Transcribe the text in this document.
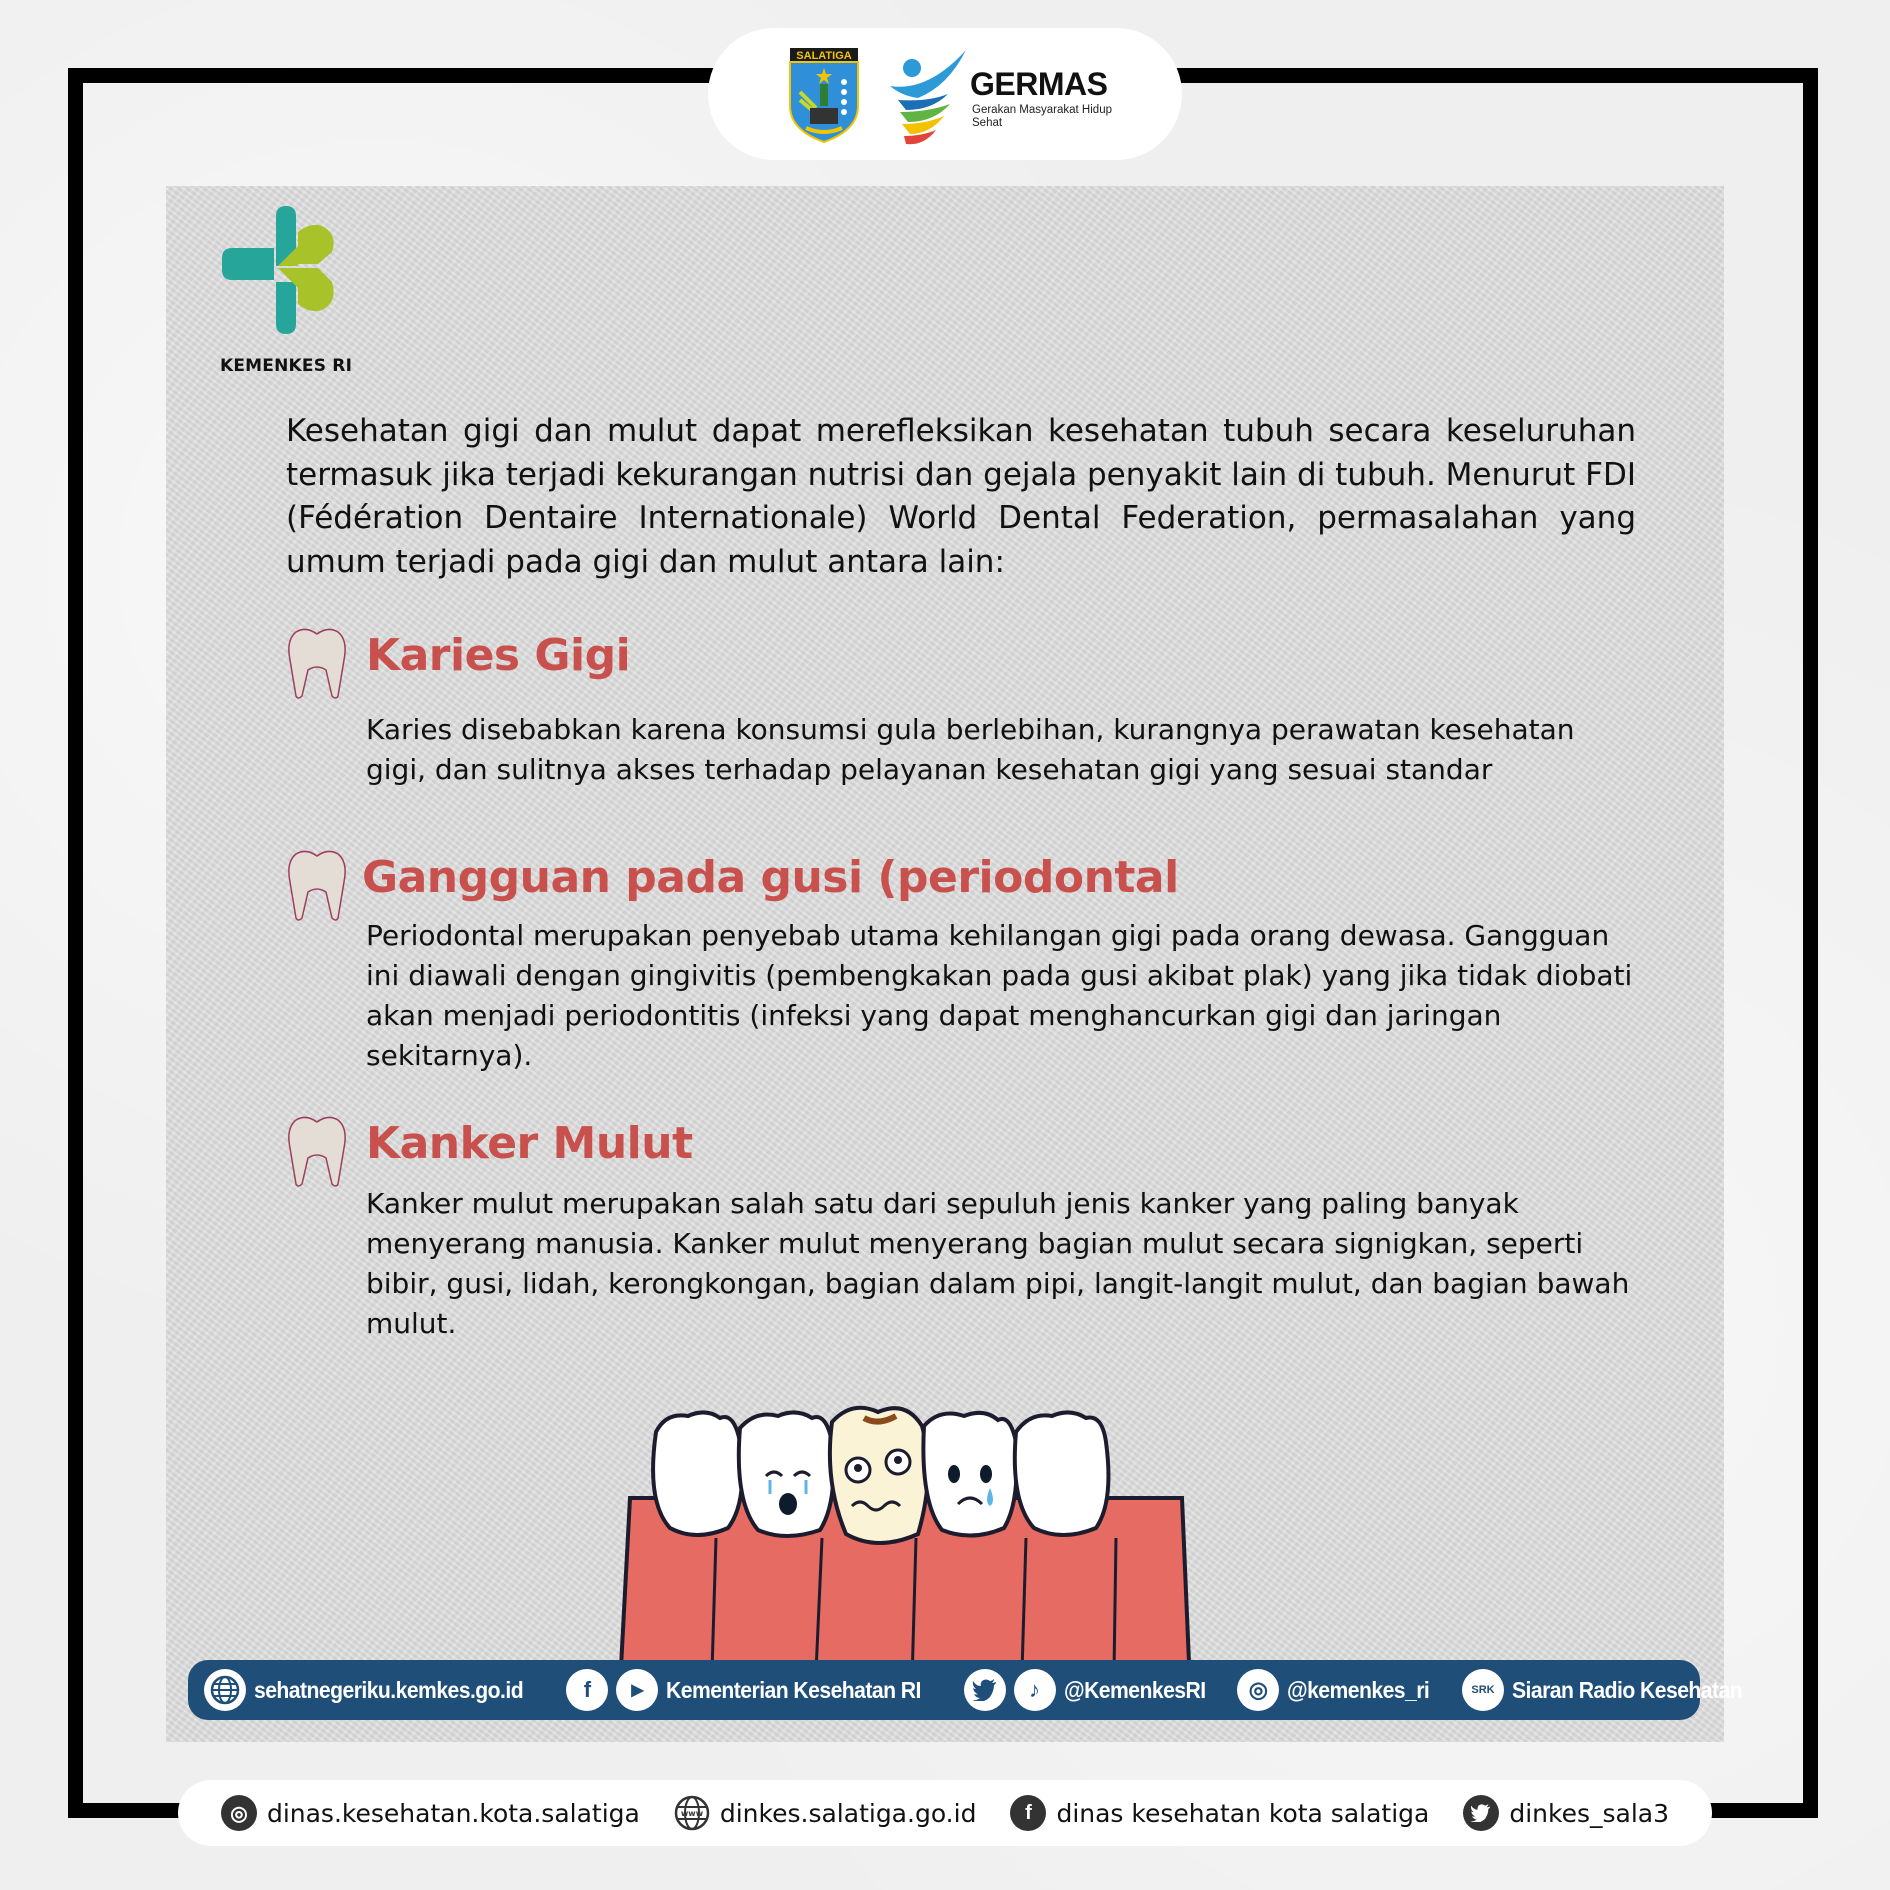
SALATIGA
GERMAS
Gerakan Masyarakat Hidup Sehat
KEMENKES RI
Kesehatan gigi dan mulut dapat merefleksikan kesehatan tubuh secara keseluruhan termasuk jika terjadi kekurangan nutrisi dan gejala penyakit lain di tubuh. Menurut FDI (Fédération Dentaire Internationale) World Dental Federation, permasalahan yang umum terjadi pada gigi dan mulut antara lain:
Karies Gigi
Karies disebabkan karena konsumsi gula berlebihan, kurangnya perawatan kesehatan gigi, dan sulitnya akses terhadap pelayanan kesehatan gigi yang sesuai standar
Gangguan pada gusi (periodontal
Periodontal merupakan penyebab utama kehilangan gigi pada orang dewasa. Gangguan ini diawali dengan gingivitis (pembengkakan pada gusi akibat plak) yang jika tidak diobati akan menjadi periodontitis (infeksi yang dapat menghancurkan gigi dan jaringan sekitarnya).
Kanker Mulut
Kanker mulut merupakan salah satu dari sepuluh jenis kanker yang paling banyak menyerang manusia. Kanker mulut menyerang bagian mulut secara signigkan, seperti bibir, gusi, lidah, kerongkongan, bagian dalam pipi, langit-langit mulut, dan bagian bawah mulut.
sehatnegeriku.kemkes.go.id	f	▶ Kementerian Kesehatan RI	♪	@KemenkesRI	◎ @kemenkes_ri	SRK Siaran Radio Kesehatan
◎ dinas.kesehatan.kota.salatiga	www dinkes.salatiga.go.id	f dinas kesehatan kota salatiga	dinkes_sala3
